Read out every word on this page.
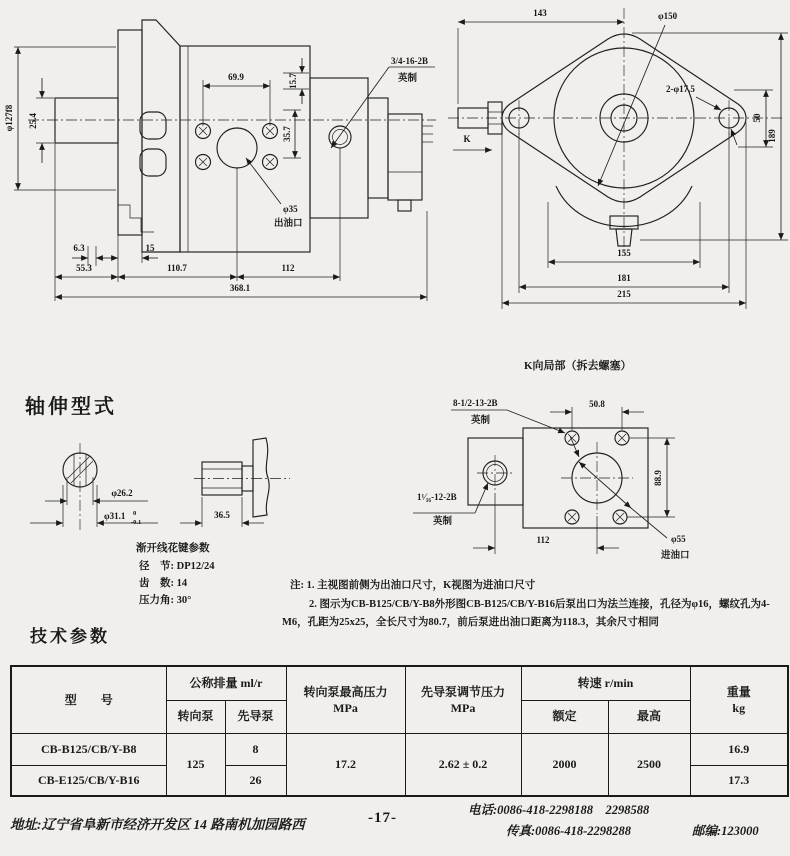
φ127f8 25.4
69.9	15.7
35.7
3/4-16-2B
英制
φ35
出油口
6.3	15
55.3	110.7	112
368.1
143	φ150
2-φ17.5
50
189
155
181
215
K
轴伸型式
φ26.2
φ31.1 0
-0.1
36.5
渐开线花键参数
径　节: DP12/24
齿　数: 14
压力角: 30°
K向局部（拆去螺塞）
50.8
8-1/2-13-2B
英制
1¹⁄₁₆-12-2B
英制
88.9
112	φ55
进油口
注: 1. 主视图前侧为出油口尺寸，K视图为进油口尺寸
2. 图示为CB-B125/CB/Y-B8外形图CB-B125/CB/Y-B16后泵出口为法兰连接，孔径为φ16，螺纹孔为4-
M6，孔距为25x25，全长尺寸为80.7，前后泵进出油口距离为118.3，其余尺寸相同
技术参数
型　　号	公称排量 ml/r	
转向泵最高压力
MPa

先导泵调节压力
MPa
	转速 r/min	
重量
kg

	转向泵	先导泵			额定	最高	
CB-B125/CB/Y-B8	125	8	17.2	2.62 ± 0.2	2000	2500	16.9
CB-E125/CB/Y-B16		26					17.3
电话:0086-418-2298188　2298588
地址:辽宁省阜新市经济开发区 14 路南机加园路西	-17-
传真:0086-418-2298288	邮编:123000
